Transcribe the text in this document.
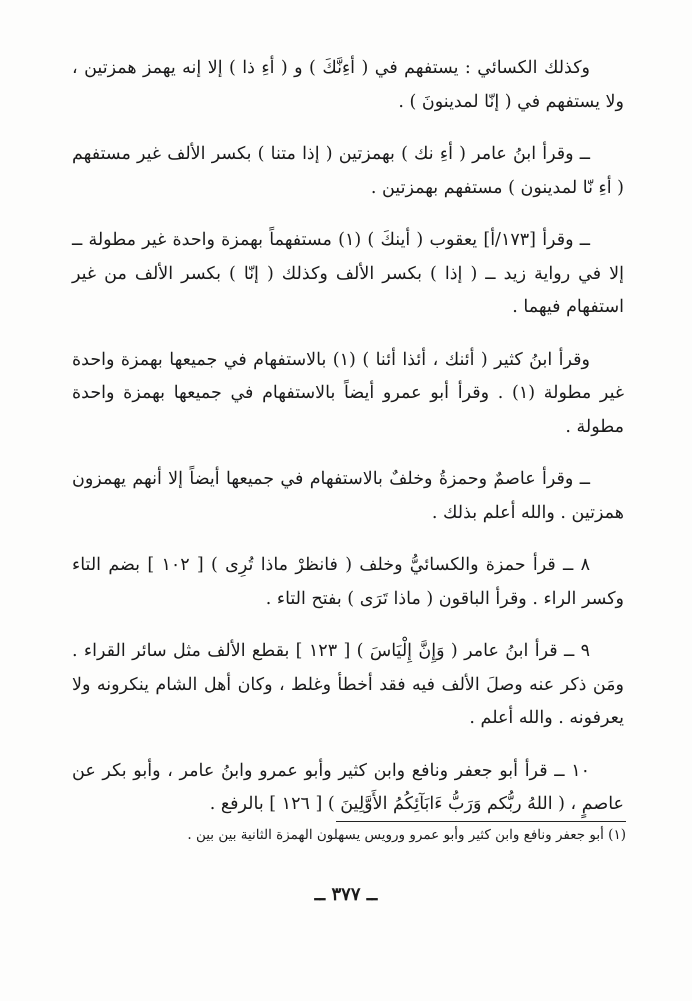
وكذلك الكسائي : يستفهم في ( أءِنَّكَ ) و ( أءِ ذا ) إلا إنه يهمز همزتين ، ولا يستفهم في ( إنّا لمدينونَ ) .

ــ وقرأ ابنُ عامر ( أءِ نك ) بهمزتين ( إذا متنا ) بكسر الألف غير مستفهم ( أءِ نّا لمدينون ) مستفهم بهمزتين .

ــ وقرأ [١٧٣/أ] يعقوب ( أينكَ ) (١) مستفهماً بهمزة واحدة غير مطولة ــ إلا في رواية زيد ــ ( إذا ) بكسر الألف وكذلك ( إنّا ) بكسر الألف من غير استفهام فيهما .

وقرأ ابنُ كثير ( أئنك ، أئذا أئنا ) (١) بالاستفهام في جميعها بهمزة واحدة غير مطولة (١) . وقرأ أبو عمرو أيضاً بالاستفهام في جميعها بهمزة واحدة مطولة .

ــ وقرأ عاصمٌ وحمزةُ وخلفٌ بالاستفهام في جميعها أيضاً إلا أنهم يهمزون همزتين . والله أعلم بذلك .

٨ ــ قرأ حمزة والكسائيُّ وخلف ( فانظرْ ماذا تُرِى ) [ ١٠٢ ] بضم التاء وكسر الراء . وقرأ الباقون ( ماذا تَرَى ) بفتح التاء .

٩ ــ قرأ ابنُ عامر ( وَإِنَّ إِلْيَاسَ ) [ ١٢٣ ] بقطع الألف مثل سائر القراء . ومَن ذكر عنه وصلَ الألف فيه فقد أخطأ وغلط ، وكان أهل الشام ينكرونه ولا يعرفونه . والله أعلم .

١٠ ــ قرأ أبو جعفر ونافع وابن كثير وأبو عمرو وابنُ عامر ، وأبو بكر عن عاصمٍ ، ( اللهُ ربُّكم وَرَبُّ ءَابَآئِكُمُ الأَوَّلِينَ ) [ ١٢٦ ] بالرفع .

(١) أبو جعفر ونافع وابن كثير وأبو عمرو ورويس يسهلون الهمزة الثانية بين بين .
ــ ٣٧٧ ــ
